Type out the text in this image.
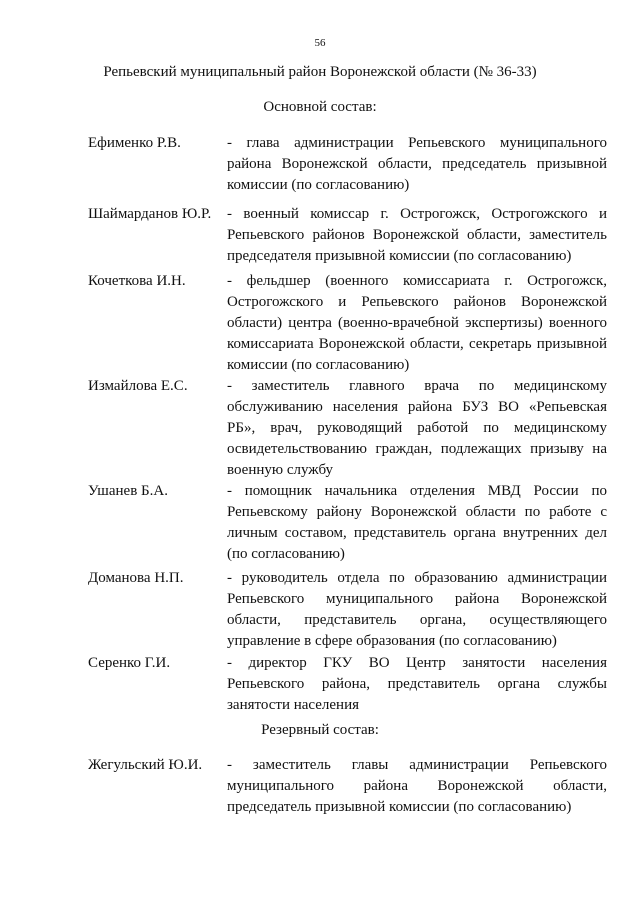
56
Репьевский муниципальный район Воронежской области (№ 36-33)
Основной состав:
Ефименко Р.В.	- глава администрации Репьевского муниципального района Воронежской области, председатель призывной комиссии (по согласованию)
Шаймарданов Ю.Р. - военный комиссар г. Острогожск, Острогожского и Репьевского районов Воронежской области, заместитель председателя призывной комиссии (по согласованию)
Кочеткова И.Н.	- фельдшер (военного комиссариата г. Острогожск, Острогожского и Репьевского районов Воронежской области) центра (военно-врачебной экспертизы) военного комиссариата Воронежской области, секретарь призывной комиссии (по согласованию)
Измайлова Е.С.	- заместитель главного врача по медицинскому обслуживанию населения района БУЗ ВО «Репьевская РБ», врач, руководящий работой по медицинскому освидетельствованию граждан, подлежащих призыву на военную службу
Ушанев Б.А.	- помощник начальника отделения МВД России по Репьевскому району Воронежской области по работе с личным составом, представитель органа внутренних дел (по согласованию)
Доманова Н.П.	- руководитель отдела по образованию администрации Репьевского муниципального района Воронежской области, представитель органа, осуществляющего управление в сфере образования (по согласованию)
Серенко Г.И.	- директор ГКУ ВО Центр занятости населения Репьевского района, представитель органа службы занятости населения
Резервный состав:
Жегульский Ю.И. - заместитель главы администрации Репьевского муниципального района Воронежской области, председатель призывной комиссии (по согласованию)
